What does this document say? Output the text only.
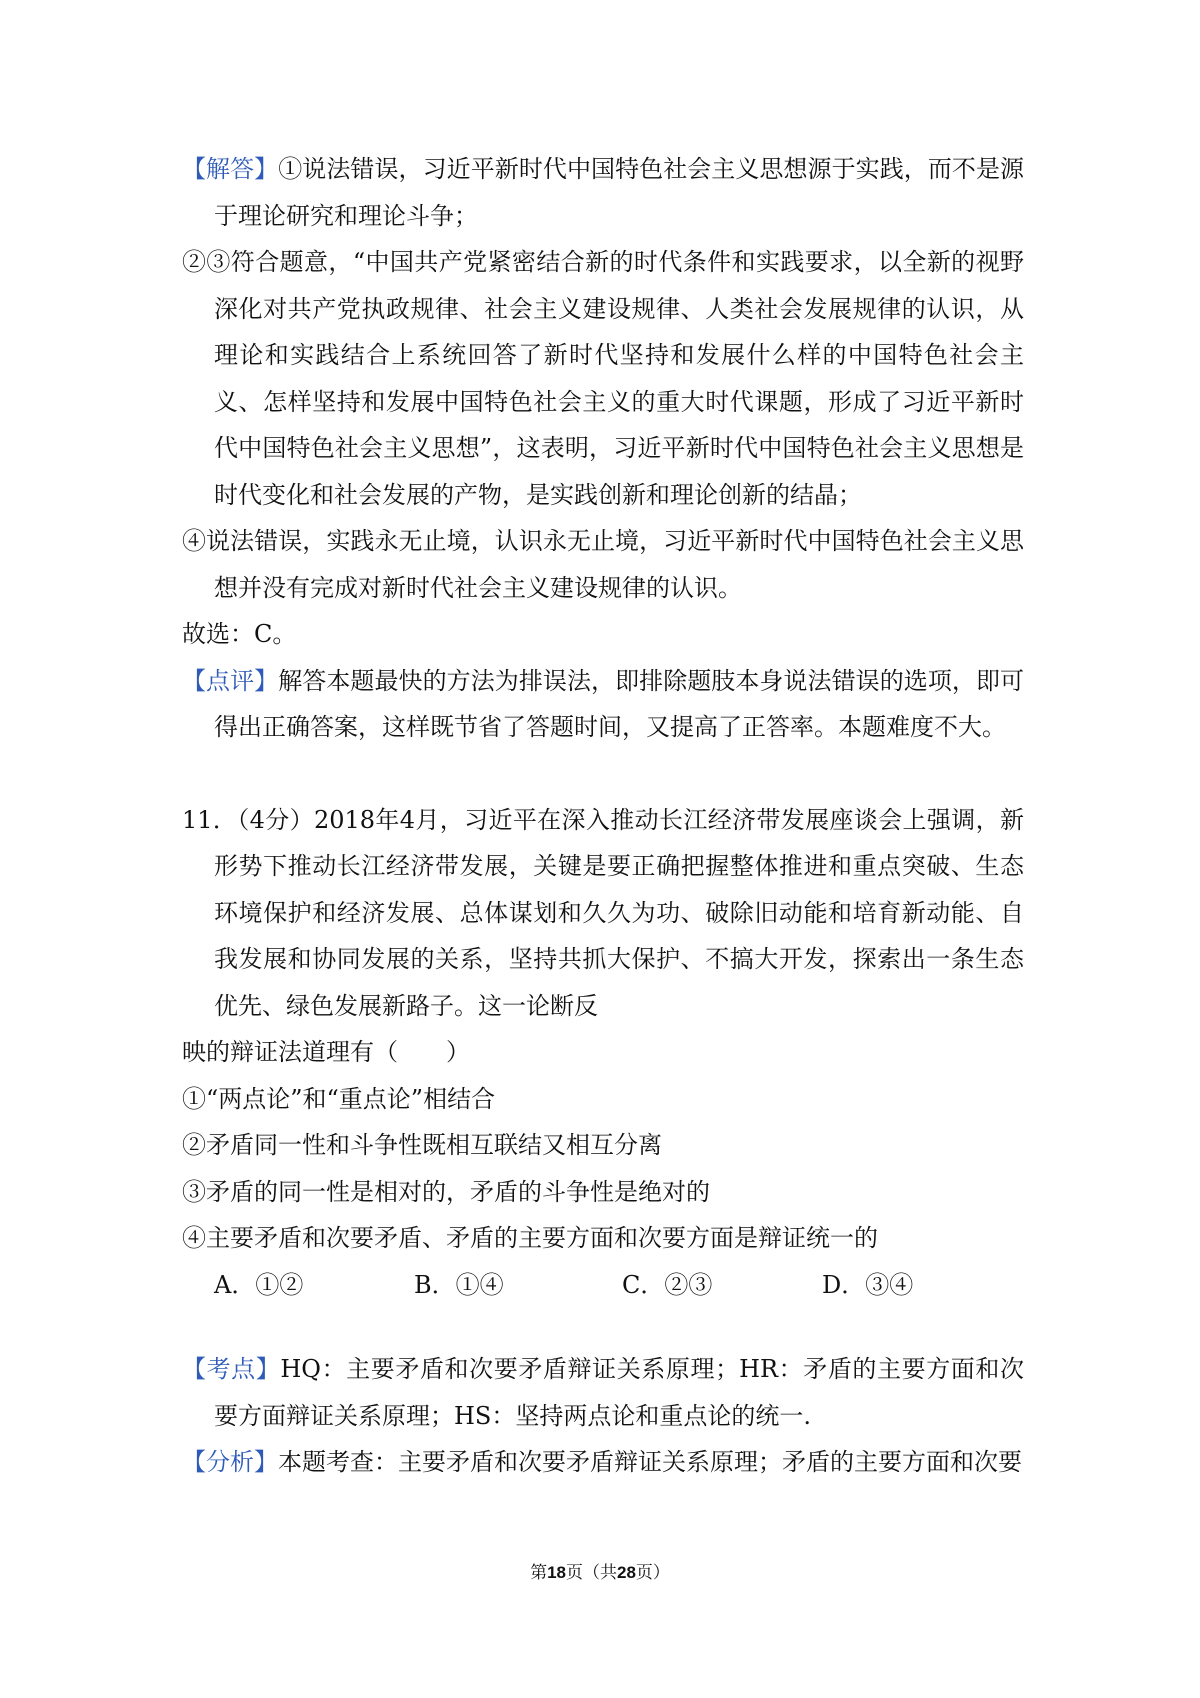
【解答】①说法错误，习近平新时代中国特色社会主义思想源于实践，而不是源于理论研究和理论斗争；

②③符合题意，“中国共产党紧密结合新的时代条件和实践要求，以全新的视野深化对共产党执政规律、社会主义建设规律、人类社会发展规律的认识，从理论和实践结合上系统回答了新时代坚持和发展什么样的中国特色社会主义、怎样坚持和发展中国特色社会主义的重大时代课题，形成了习近平新时代中国特色社会主义思想”，这表明，习近平新时代中国特色社会主义思想是时代变化和社会发展的产物，是实践创新和理论创新的结晶；

④说法错误，实践永无止境，认识永无止境，习近平新时代中国特色社会主义思想并没有完成对新时代社会主义建设规律的认识。

故选：C。

【点评】解答本题最快的方法为排误法，即排除题肢本身说法错误的选项，即可得出正确答案，这样既节省了答题时间，又提高了正答率。本题难度不大。

11．（4分）2018年4月，习近平在深入推动长江经济带发展座谈会上强调，新形势下推动长江经济带发展，关键是要正确把握整体推进和重点突破、生态环境保护和经济发展、总体谋划和久久为功、破除旧动能和培育新动能、自我发展和协同发展的关系，坚持共抓大保护、不搞大开发，探索出一条生态优先、绿色发展新路子。这一论断反

映的辩证法道理有（　　）

①“两点论”和“重点论”相结合

②矛盾同一性和斗争性既相互联结又相互分离

③矛盾的同一性是相对的，矛盾的斗争性是绝对的

④主要矛盾和次要矛盾、矛盾的主要方面和次要方面是辩证统一的

A．①②	B．①④	C．②③	D．③④

【考点】HQ：主要矛盾和次要矛盾辩证关系原理；HR：矛盾的主要方面和次要方面辩证关系原理；HS：坚持两点论和重点论的统一.

【分析】本题考查：主要矛盾和次要矛盾辩证关系原理；矛盾的主要方面和次要

第18页（共28页）
